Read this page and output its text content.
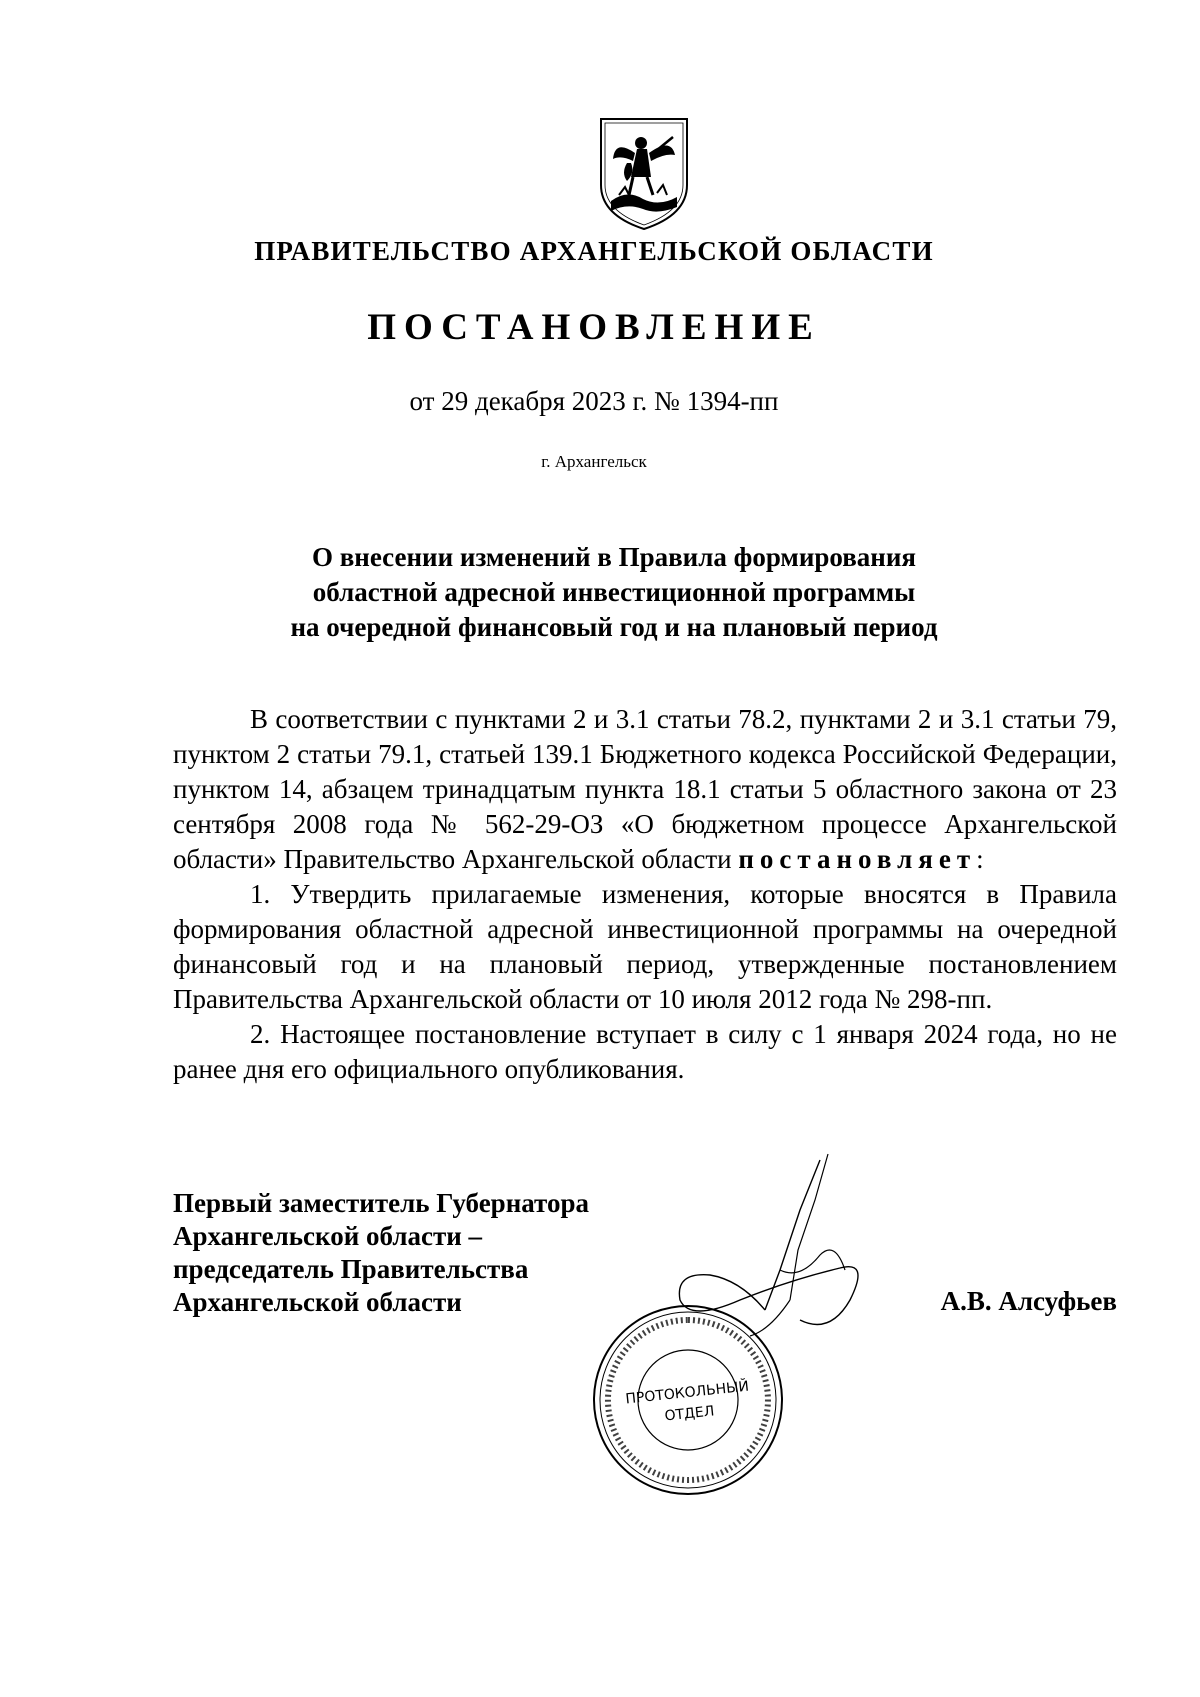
ПРАВИТЕЛЬСТВО АРХАНГЕЛЬСКОЙ ОБЛАСТИ
ПОСТАНОВЛЕНИЕ
от 29 декабря 2023 г. № 1394-пп
г. Архангельск
О внесении изменений в Правила формирования
областной адресной инвестиционной программы
на очередной финансовый год и на плановый период

В соответствии с пунктами 2 и 3.1 статьи 78.2, пунктами 2 и 3.1 статьи 79, пунктом 2 статьи 79.1, статьей 139.1 Бюджетного кодекса Российской Федерации, пунктом 14, абзацем тринадцатым пункта 18.1 статьи 5 областного закона от 23 сентября 2008 года № 562-29-ОЗ «О бюджетном процессе Архангельской области» Правительство Архангельской области постановляет:

1. Утвердить прилагаемые изменения, которые вносятся в Правила формирования областной адресной инвестиционной программы на очередной финансовый год и на плановый период, утвержденные постановлением Правительства Архангельской области от 10 июля 2012 года № 298-пп.

2. Настоящее постановление вступает в силу с 1 января 2024 года, но не ранее дня его официального опубликования.

Первый заместитель Губернатора
Архангельской области –
председатель Правительства
Архангельской области	А.В. Алсуфьев
ПРОТОКОЛЬНЫЙ
ОТДЕЛ
